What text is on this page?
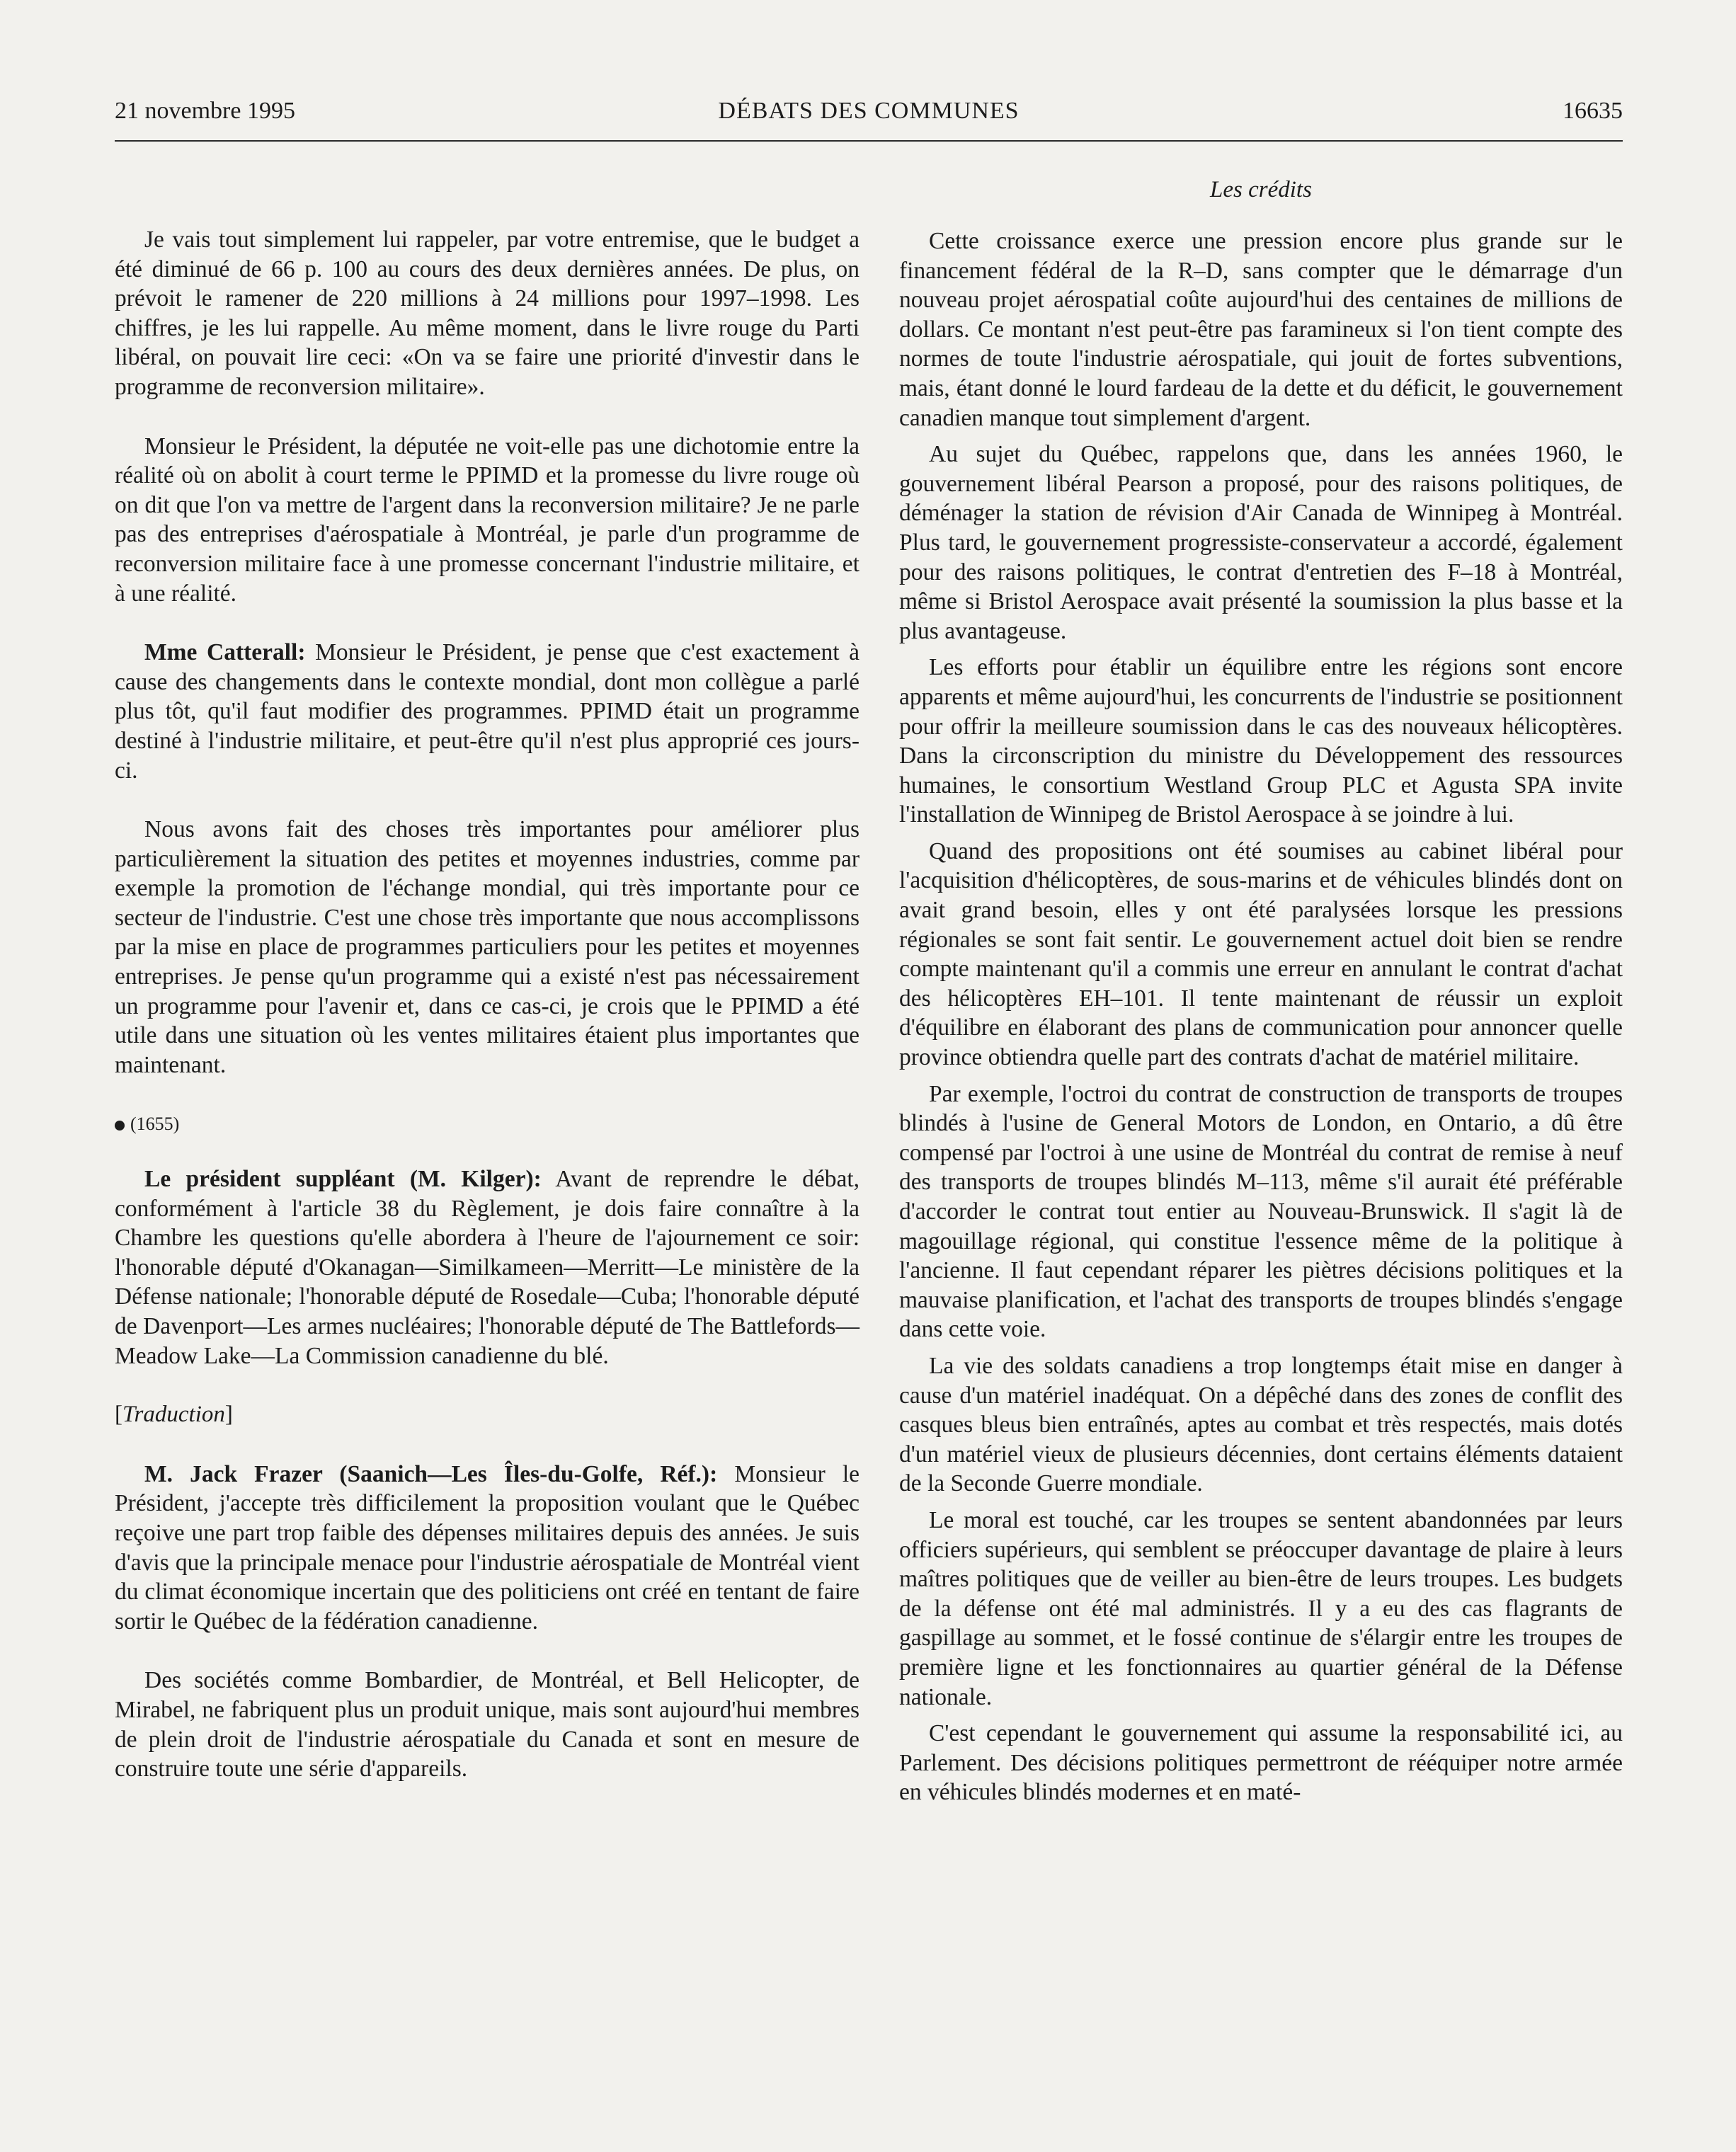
21 novembre 1995	DÉBATS DES COMMUNES	16635
Les crédits

Je vais tout simplement lui rappeler, par votre entremise, que le budget a été diminué de 66 p. 100 au cours des deux dernières années. De plus, on prévoit le ramener de 220 millions à 24 millions pour 1997–1998. Les chiffres, je les lui rappelle. Au même moment, dans le livre rouge du Parti libéral, on pouvait lire ceci: «On va se faire une priorité d'investir dans le programme de reconversion militaire».

Monsieur le Président, la députée ne voit-elle pas une dichotomie entre la réalité où on abolit à court terme le PPIMD et la promesse du livre rouge où on dit que l'on va mettre de l'argent dans la reconversion militaire? Je ne parle pas des entreprises d'aérospatiale à Montréal, je parle d'un programme de reconversion militaire face à une promesse concernant l'industrie militaire, et à une réalité.

Mme Catterall: Monsieur le Président, je pense que c'est exactement à cause des changements dans le contexte mondial, dont mon collègue a parlé plus tôt, qu'il faut modifier des programmes. PPIMD était un programme destiné à l'industrie militaire, et peut-être qu'il n'est plus approprié ces jours-ci.

Nous avons fait des choses très importantes pour améliorer plus particulièrement la situation des petites et moyennes industries, comme par exemple la promotion de l'échange mondial, qui très importante pour ce secteur de l'industrie. C'est une chose très importante que nous accomplissons par la mise en place de programmes particuliers pour les petites et moyennes entreprises. Je pense qu'un programme qui a existé n'est pas nécessairement un programme pour l'avenir et, dans ce cas-ci, je crois que le PPIMD a été utile dans une situation où les ventes militaires étaient plus importantes que maintenant.

(1655)

Le président suppléant (M. Kilger): Avant de reprendre le débat, conformément à l'article 38 du Règlement, je dois faire connaître à la Chambre les questions qu'elle abordera à l'heure de l'ajournement ce soir: l'honorable député d'Okanagan—Similkameen—Merritt—Le ministère de la Défense nationale; l'honorable député de Rosedale—Cuba; l'honorable député de Davenport—Les armes nucléaires; l'honorable député de The Battlefords—Meadow Lake—La Commission canadienne du blé.

[Traduction]

M. Jack Frazer (Saanich—Les Îles-du-Golfe, Réf.): Monsieur le Président, j'accepte très difficilement la proposition voulant que le Québec reçoive une part trop faible des dépenses militaires depuis des années. Je suis d'avis que la principale menace pour l'industrie aérospatiale de Montréal vient du climat économique incertain que des politiciens ont créé en tentant de faire sortir le Québec de la fédération canadienne.

Des sociétés comme Bombardier, de Montréal, et Bell Helicopter, de Mirabel, ne fabriquent plus un produit unique, mais sont aujourd'hui membres de plein droit de l'industrie aérospatiale du Canada et sont en mesure de construire toute une série d'appareils.

Cette croissance exerce une pression encore plus grande sur le financement fédéral de la R–D, sans compter que le démarrage d'un nouveau projet aérospatial coûte aujourd'hui des centaines de millions de dollars. Ce montant n'est peut-être pas faramineux si l'on tient compte des normes de toute l'industrie aérospatiale, qui jouit de fortes subventions, mais, étant donné le lourd fardeau de la dette et du déficit, le gouvernement canadien manque tout simplement d'argent.

Au sujet du Québec, rappelons que, dans les années 1960, le gouvernement libéral Pearson a proposé, pour des raisons politiques, de déménager la station de révision d'Air Canada de Winnipeg à Montréal. Plus tard, le gouvernement progressiste-conservateur a accordé, également pour des raisons politiques, le contrat d'entretien des F–18 à Montréal, même si Bristol Aerospace avait présenté la soumission la plus basse et la plus avantageuse.

Les efforts pour établir un équilibre entre les régions sont encore apparents et même aujourd'hui, les concurrents de l'industrie se positionnent pour offrir la meilleure soumission dans le cas des nouveaux hélicoptères. Dans la circonscription du ministre du Développement des ressources humaines, le consortium Westland Group PLC et Agusta SPA invite l'installation de Winnipeg de Bristol Aerospace à se joindre à lui.

Quand des propositions ont été soumises au cabinet libéral pour l'acquisition d'hélicoptères, de sous-marins et de véhicules blindés dont on avait grand besoin, elles y ont été paralysées lorsque les pressions régionales se sont fait sentir. Le gouvernement actuel doit bien se rendre compte maintenant qu'il a commis une erreur en annulant le contrat d'achat des hélicoptères EH–101. Il tente maintenant de réussir un exploit d'équilibre en élaborant des plans de communication pour annoncer quelle province obtiendra quelle part des contrats d'achat de matériel militaire.

Par exemple, l'octroi du contrat de construction de transports de troupes blindés à l'usine de General Motors de London, en Ontario, a dû être compensé par l'octroi à une usine de Montréal du contrat de remise à neuf des transports de troupes blindés M–113, même s'il aurait été préférable d'accorder le contrat tout entier au Nouveau-Brunswick. Il s'agit là de magouillage régional, qui constitue l'essence même de la politique à l'ancienne. Il faut cependant réparer les piètres décisions politiques et la mauvaise planification, et l'achat des transports de troupes blindés s'engage dans cette voie.

La vie des soldats canadiens a trop longtemps était mise en danger à cause d'un matériel inadéquat. On a dépêché dans des zones de conflit des casques bleus bien entraînés, aptes au combat et très respectés, mais dotés d'un matériel vieux de plusieurs décennies, dont certains éléments dataient de la Seconde Guerre mondiale.

Le moral est touché, car les troupes se sentent abandonnées par leurs officiers supérieurs, qui semblent se préoccuper davantage de plaire à leurs maîtres politiques que de veiller au bien-être de leurs troupes. Les budgets de la défense ont été mal administrés. Il y a eu des cas flagrants de gaspillage au sommet, et le fossé continue de s'élargir entre les troupes de première ligne et les fonctionnaires au quartier général de la Défense nationale.

C'est cependant le gouvernement qui assume la responsabilité ici, au Parlement. Des décisions politiques permettront de rééquiper notre armée en véhicules blindés modernes et en maté-
